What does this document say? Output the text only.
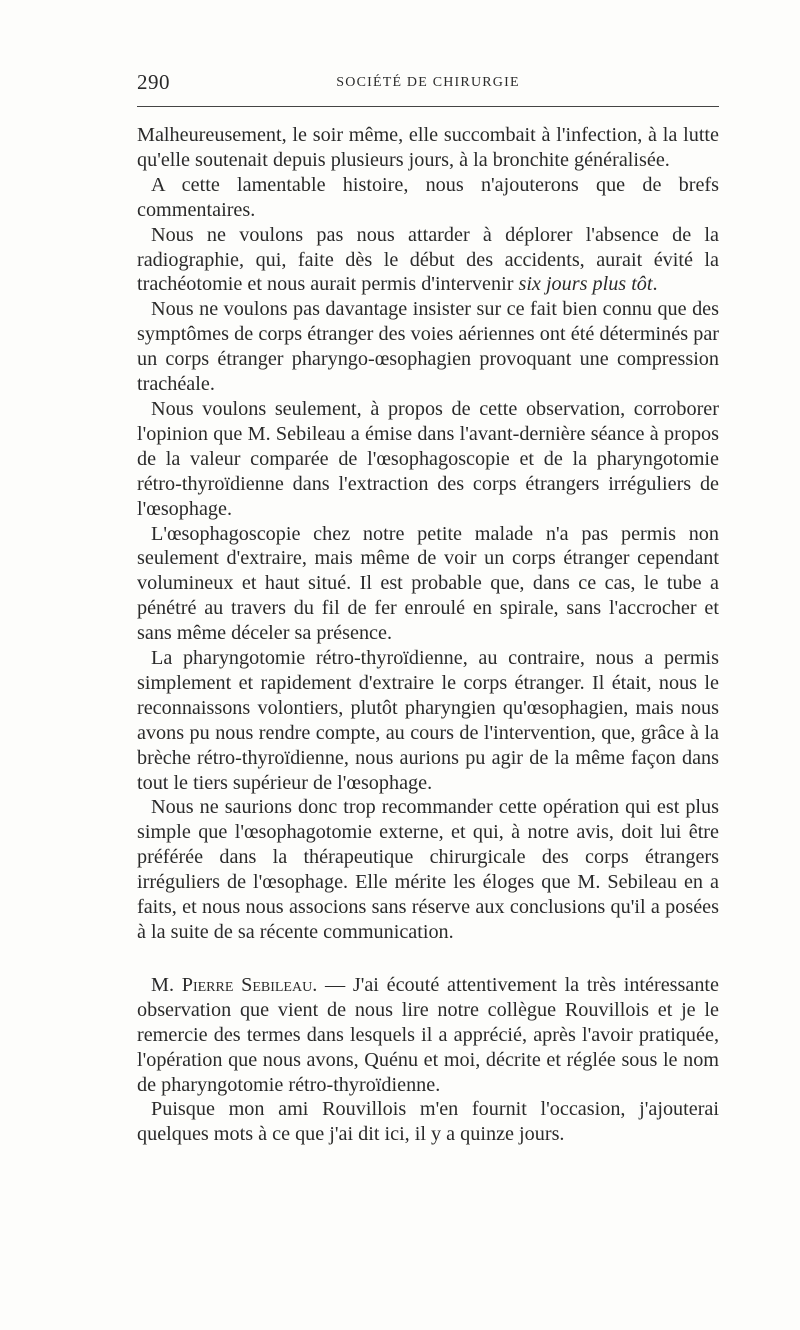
290	SOCIÉTÉ DE CHIRURGIE

Malheureusement, le soir même, elle succombait à l'infection, à la lutte qu'elle soutenait depuis plusieurs jours, à la bronchite généralisée.

A cette lamentable histoire, nous n'ajouterons que de brefs commentaires.

Nous ne voulons pas nous attarder à déplorer l'absence de la radiographie, qui, faite dès le début des accidents, aurait évité la trachéotomie et nous aurait permis d'intervenir six jours plus tôt.

Nous ne voulons pas davantage insister sur ce fait bien connu que des symptômes de corps étranger des voies aériennes ont été déterminés par un corps étranger pharyngo-œsophagien provoquant une compression trachéale.

Nous voulons seulement, à propos de cette observation, corroborer l'opinion que M. Sebileau a émise dans l'avant-dernière séance à propos de la valeur comparée de l'œsophagoscopie et de la pharyngotomie rétro-thyroïdienne dans l'extraction des corps étrangers irréguliers de l'œsophage.

L'œsophagoscopie chez notre petite malade n'a pas permis non seulement d'extraire, mais même de voir un corps étranger cependant volumineux et haut situé. Il est probable que, dans ce cas, le tube a pénétré au travers du fil de fer enroulé en spirale, sans l'accrocher et sans même déceler sa présence.

La pharyngotomie rétro-thyroïdienne, au contraire, nous a permis simplement et rapidement d'extraire le corps étranger. Il était, nous le reconnaissons volontiers, plutôt pharyngien qu'œsophagien, mais nous avons pu nous rendre compte, au cours de l'intervention, que, grâce à la brèche rétro-thyroïdienne, nous aurions pu agir de la même façon dans tout le tiers supérieur de l'œsophage.

Nous ne saurions donc trop recommander cette opération qui est plus simple que l'œsophagotomie externe, et qui, à notre avis, doit lui être préférée dans la thérapeutique chirurgicale des corps étrangers irréguliers de l'œsophage. Elle mérite les éloges que M. Sebileau en a faits, et nous nous associons sans réserve aux conclusions qu'il a posées à la suite de sa récente communication.

M. Pierre Sebileau. — J'ai écouté attentivement la très intéressante observation que vient de nous lire notre collègue Rouvillois et je le remercie des termes dans lesquels il a apprécié, après l'avoir pratiquée, l'opération que nous avons, Quénu et moi, décrite et réglée sous le nom de pharyngotomie rétro-thyroïdienne.

Puisque mon ami Rouvillois m'en fournit l'occasion, j'ajouterai quelques mots à ce que j'ai dit ici, il y a quinze jours.
